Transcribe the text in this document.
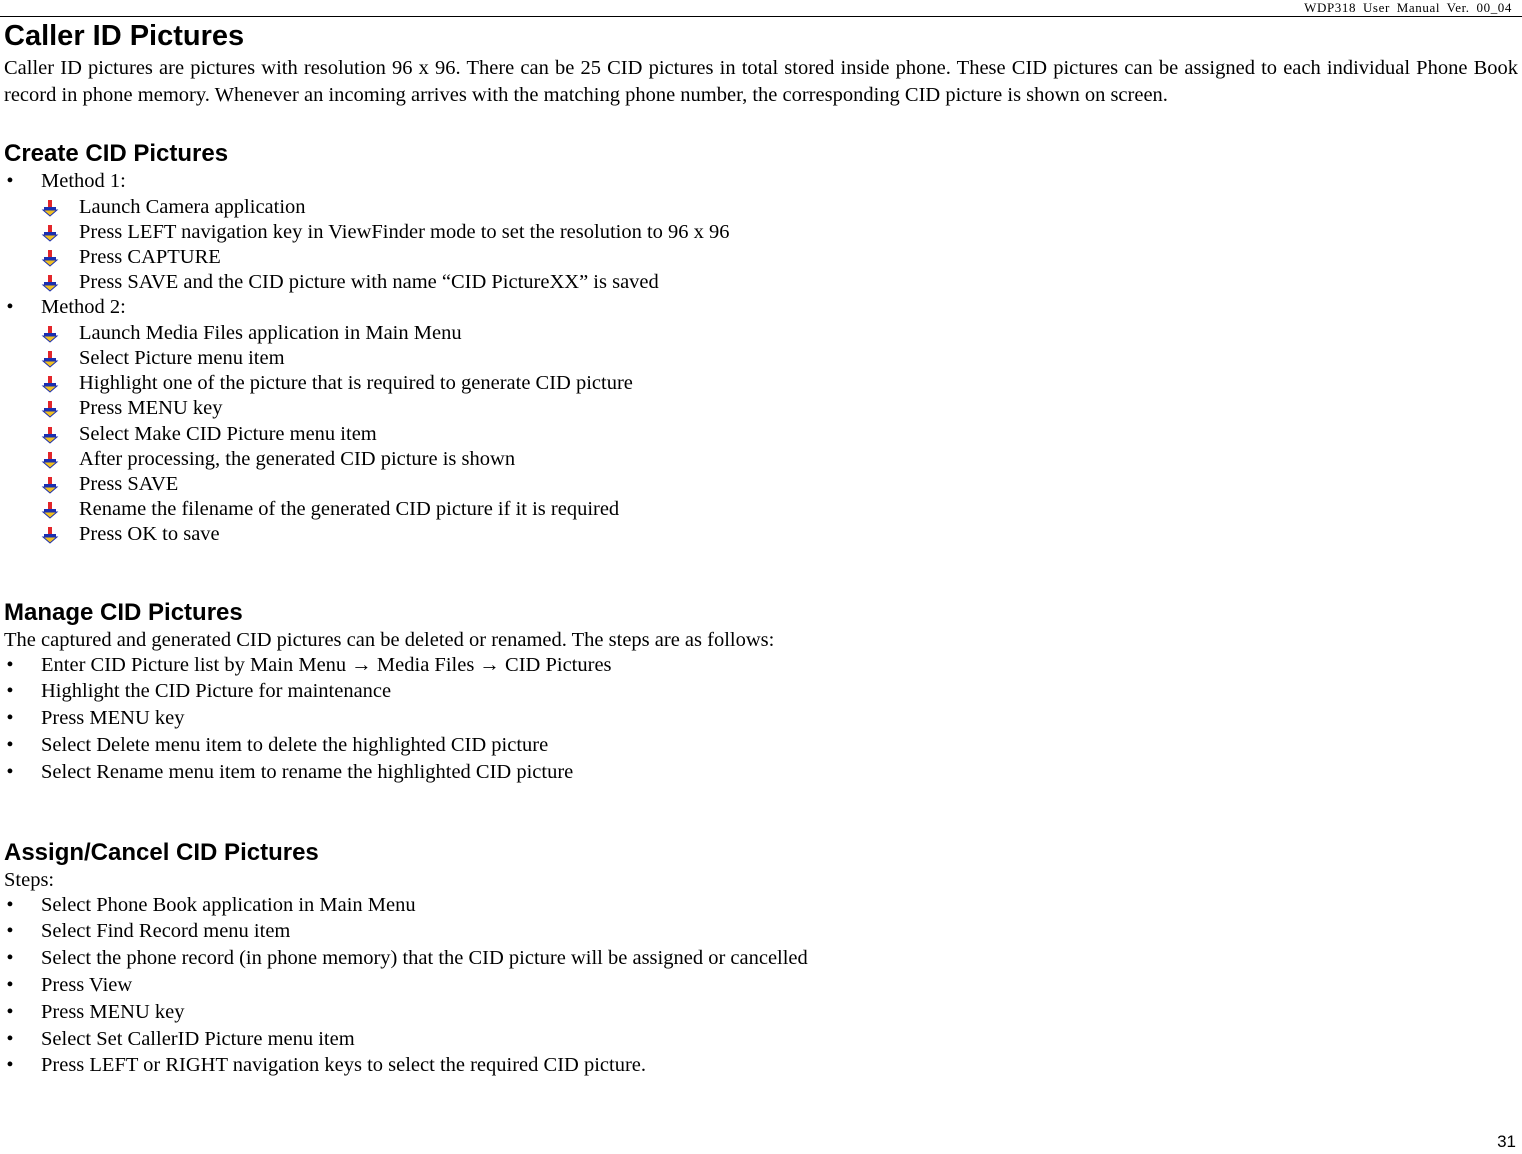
WDP318 User Manual Ver. 00_04
Caller ID Pictures

Caller ID pictures are pictures with resolution 96 x 96. There can be 25 CID pictures in total stored inside phone. These CID pictures can be assigned to each individual Phone Book record in phone memory. Whenever an incoming arrives with the matching phone number, the corresponding CID picture is shown on screen.

Create CID Pictures
• Method 1:
Launch Camera application
Press LEFT navigation key in ViewFinder mode to set the resolution to 96 x 96
Press CAPTURE
Press SAVE and the CID picture with name “CID PictureXX” is saved
• Method 2:
Launch Media Files application in Main Menu
Select Picture menu item
Highlight one of the picture that is required to generate CID picture
Press MENU key
Select Make CID Picture menu item
After processing, the generated CID picture is shown
Press SAVE
Rename the filename of the generated CID picture if it is required
Press OK to save
Manage CID Pictures

The captured and generated CID pictures can be deleted or renamed. The steps are as follows:

• Enter CID Picture list by Main Menu → Media Files → CID Pictures
• Highlight the CID Picture for maintenance
• Press MENU key
• Select Delete menu item to delete the highlighted CID picture
• Select Rename menu item to rename the highlighted CID picture
Assign/Cancel CID Pictures

Steps:

• Select Phone Book application in Main Menu
• Select Find Record menu item
• Select the phone record (in phone memory) that the CID picture will be assigned or cancelled
• Press View
• Press MENU key
• Select Set CallerID Picture menu item
• Press LEFT or RIGHT navigation keys to select the required CID picture.
31
